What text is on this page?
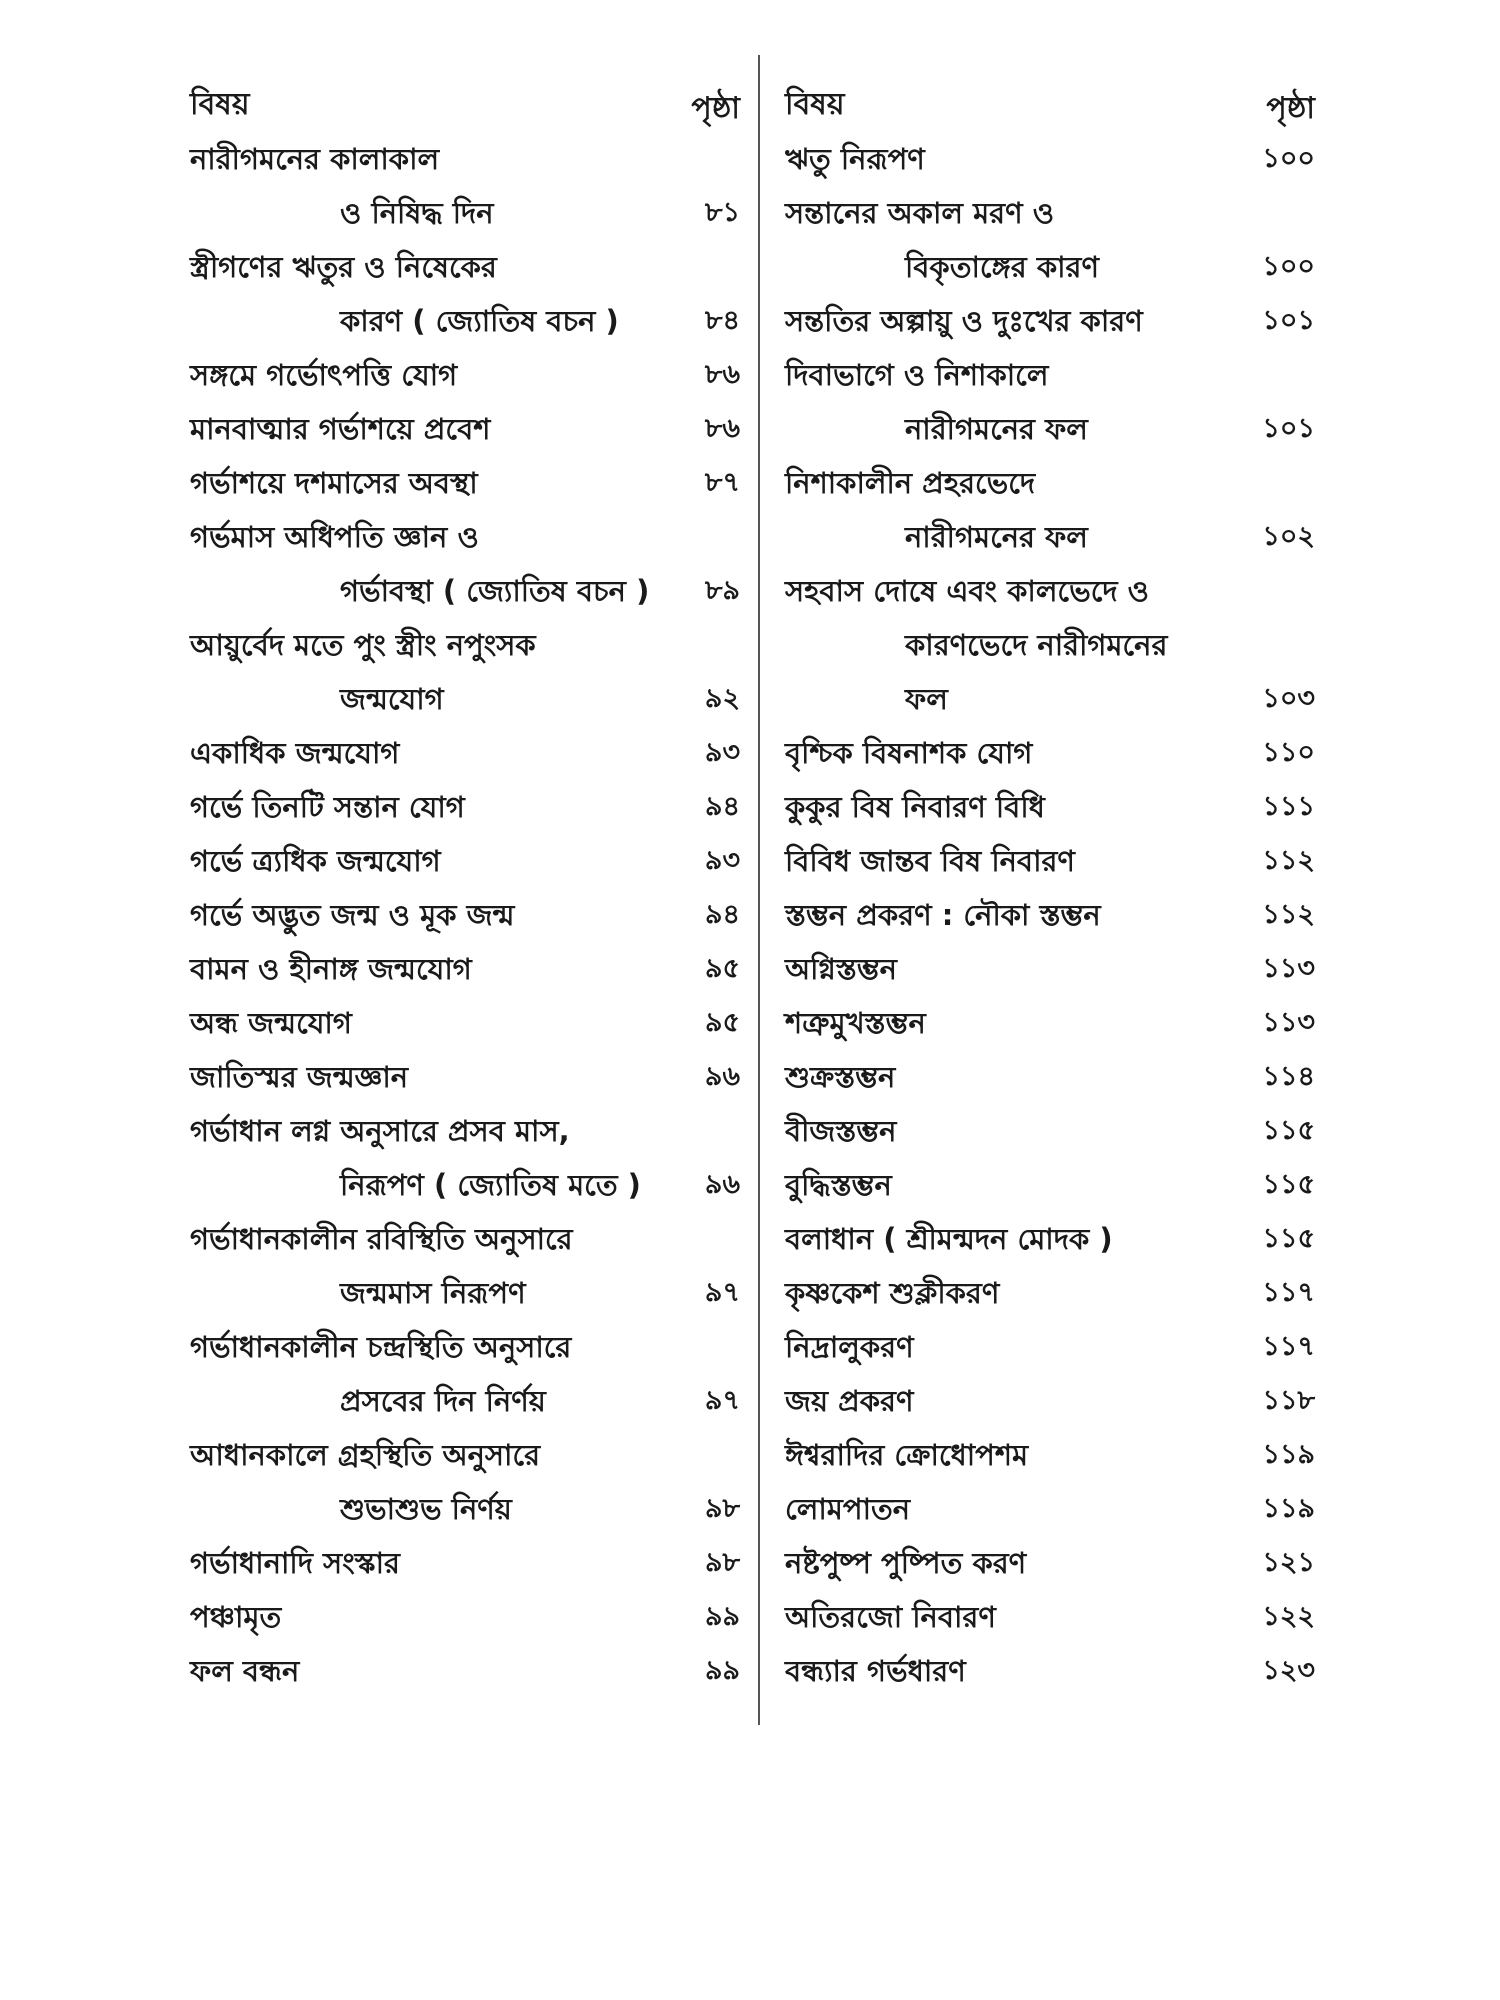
বিষয়	পৃষ্ঠা
নারীগমনের কালাকাল
ও নিষিদ্ধ দিন	৮১
স্ত্রীগণের ঋতুর ও নিষেকের
কারণ ( জ্যোতিষ বচন )	৮৪
সঙ্গমে গর্ভোৎপত্তি যোগ	৮৬
মানবাত্মার গর্ভাশয়ে প্রবেশ	৮৬
গর্ভাশয়ে দশমাসের অবস্থা	৮৭
গর্ভমাস অধিপতি জ্ঞান ও
গর্ভাবস্থা ( জ্যোতিষ বচন )	৮৯
আয়ুর্বেদ মতে পুং স্ত্রীং নপুংসক
জন্মযোগ	৯২
একাধিক জন্মযোগ	৯৩
গর্ভে তিনটি সন্তান যোগ	৯৪
গর্ভে ত্র্যধিক জন্মযোগ	৯৩
গর্ভে অদ্ভুত জন্ম ও মূক জন্ম	৯৪
বামন ও হীনাঙ্গ জন্মযোগ	৯৫
অন্ধ জন্মযোগ	৯৫
জাতিস্মর জন্মজ্ঞান	৯৬
গর্ভাধান লগ্ন অনুসারে প্রসব মাস,
নিরূপণ ( জ্যোতিষ মতে )	৯৬
গর্ভাধানকালীন রবিস্থিতি অনুসারে
জন্মমাস নিরূপণ	৯৭
গর্ভাধানকালীন চন্দ্রস্থিতি অনুসারে
প্রসবের দিন নির্ণয়	৯৭
আধানকালে গ্রহস্থিতি অনুসারে
শুভাশুভ নির্ণয়	৯৮
গর্ভাধানাদি সংস্কার	৯৮
পঞ্চামৃত	৯৯
ফল বন্ধন	৯৯
বিষয়	পৃষ্ঠা
ঋতু নিরূপণ	১০০
সন্তানের অকাল মরণ ও
বিকৃতাঙ্গের কারণ	১০০
সন্ততির অল্পায়ু ও দুঃখের কারণ	১০১
দিবাভাগে ও নিশাকালে
নারীগমনের ফল	১০১
নিশাকালীন প্রহরভেদে
নারীগমনের ফল	১০২
সহবাস দোষে এবং কালভেদে ও
কারণভেদে নারীগমনের
ফল	১০৩
বৃশ্চিক বিষনাশক যোগ	১১০
কুকুর বিষ নিবারণ বিধি	১১১
বিবিধ জান্তব বিষ নিবারণ	১১২
স্তম্ভন প্রকরণ : নৌকা স্তম্ভন	১১২
অগ্নিস্তম্ভন	১১৩
শত্রুমুখস্তম্ভন	১১৩
শুক্রস্তম্ভন	১১৪
বীজস্তম্ভন	১১৫
বুদ্ধিস্তম্ভন	১১৫
বলাধান ( শ্রীমন্মদন মোদক )	১১৫
কৃষ্ণকেশ শুক্লীকরণ	১১৭
নিদ্রালুকরণ	১১৭
জয় প্রকরণ	১১৮
ঈশ্বরাদির ক্রোধোপশম	১১৯
লোমপাতন	১১৯
নষ্টপুষ্প পুষ্পিত করণ	১২১
অতিরজো নিবারণ	১২২
বন্ধ্যার গর্ভধারণ	১২৩
